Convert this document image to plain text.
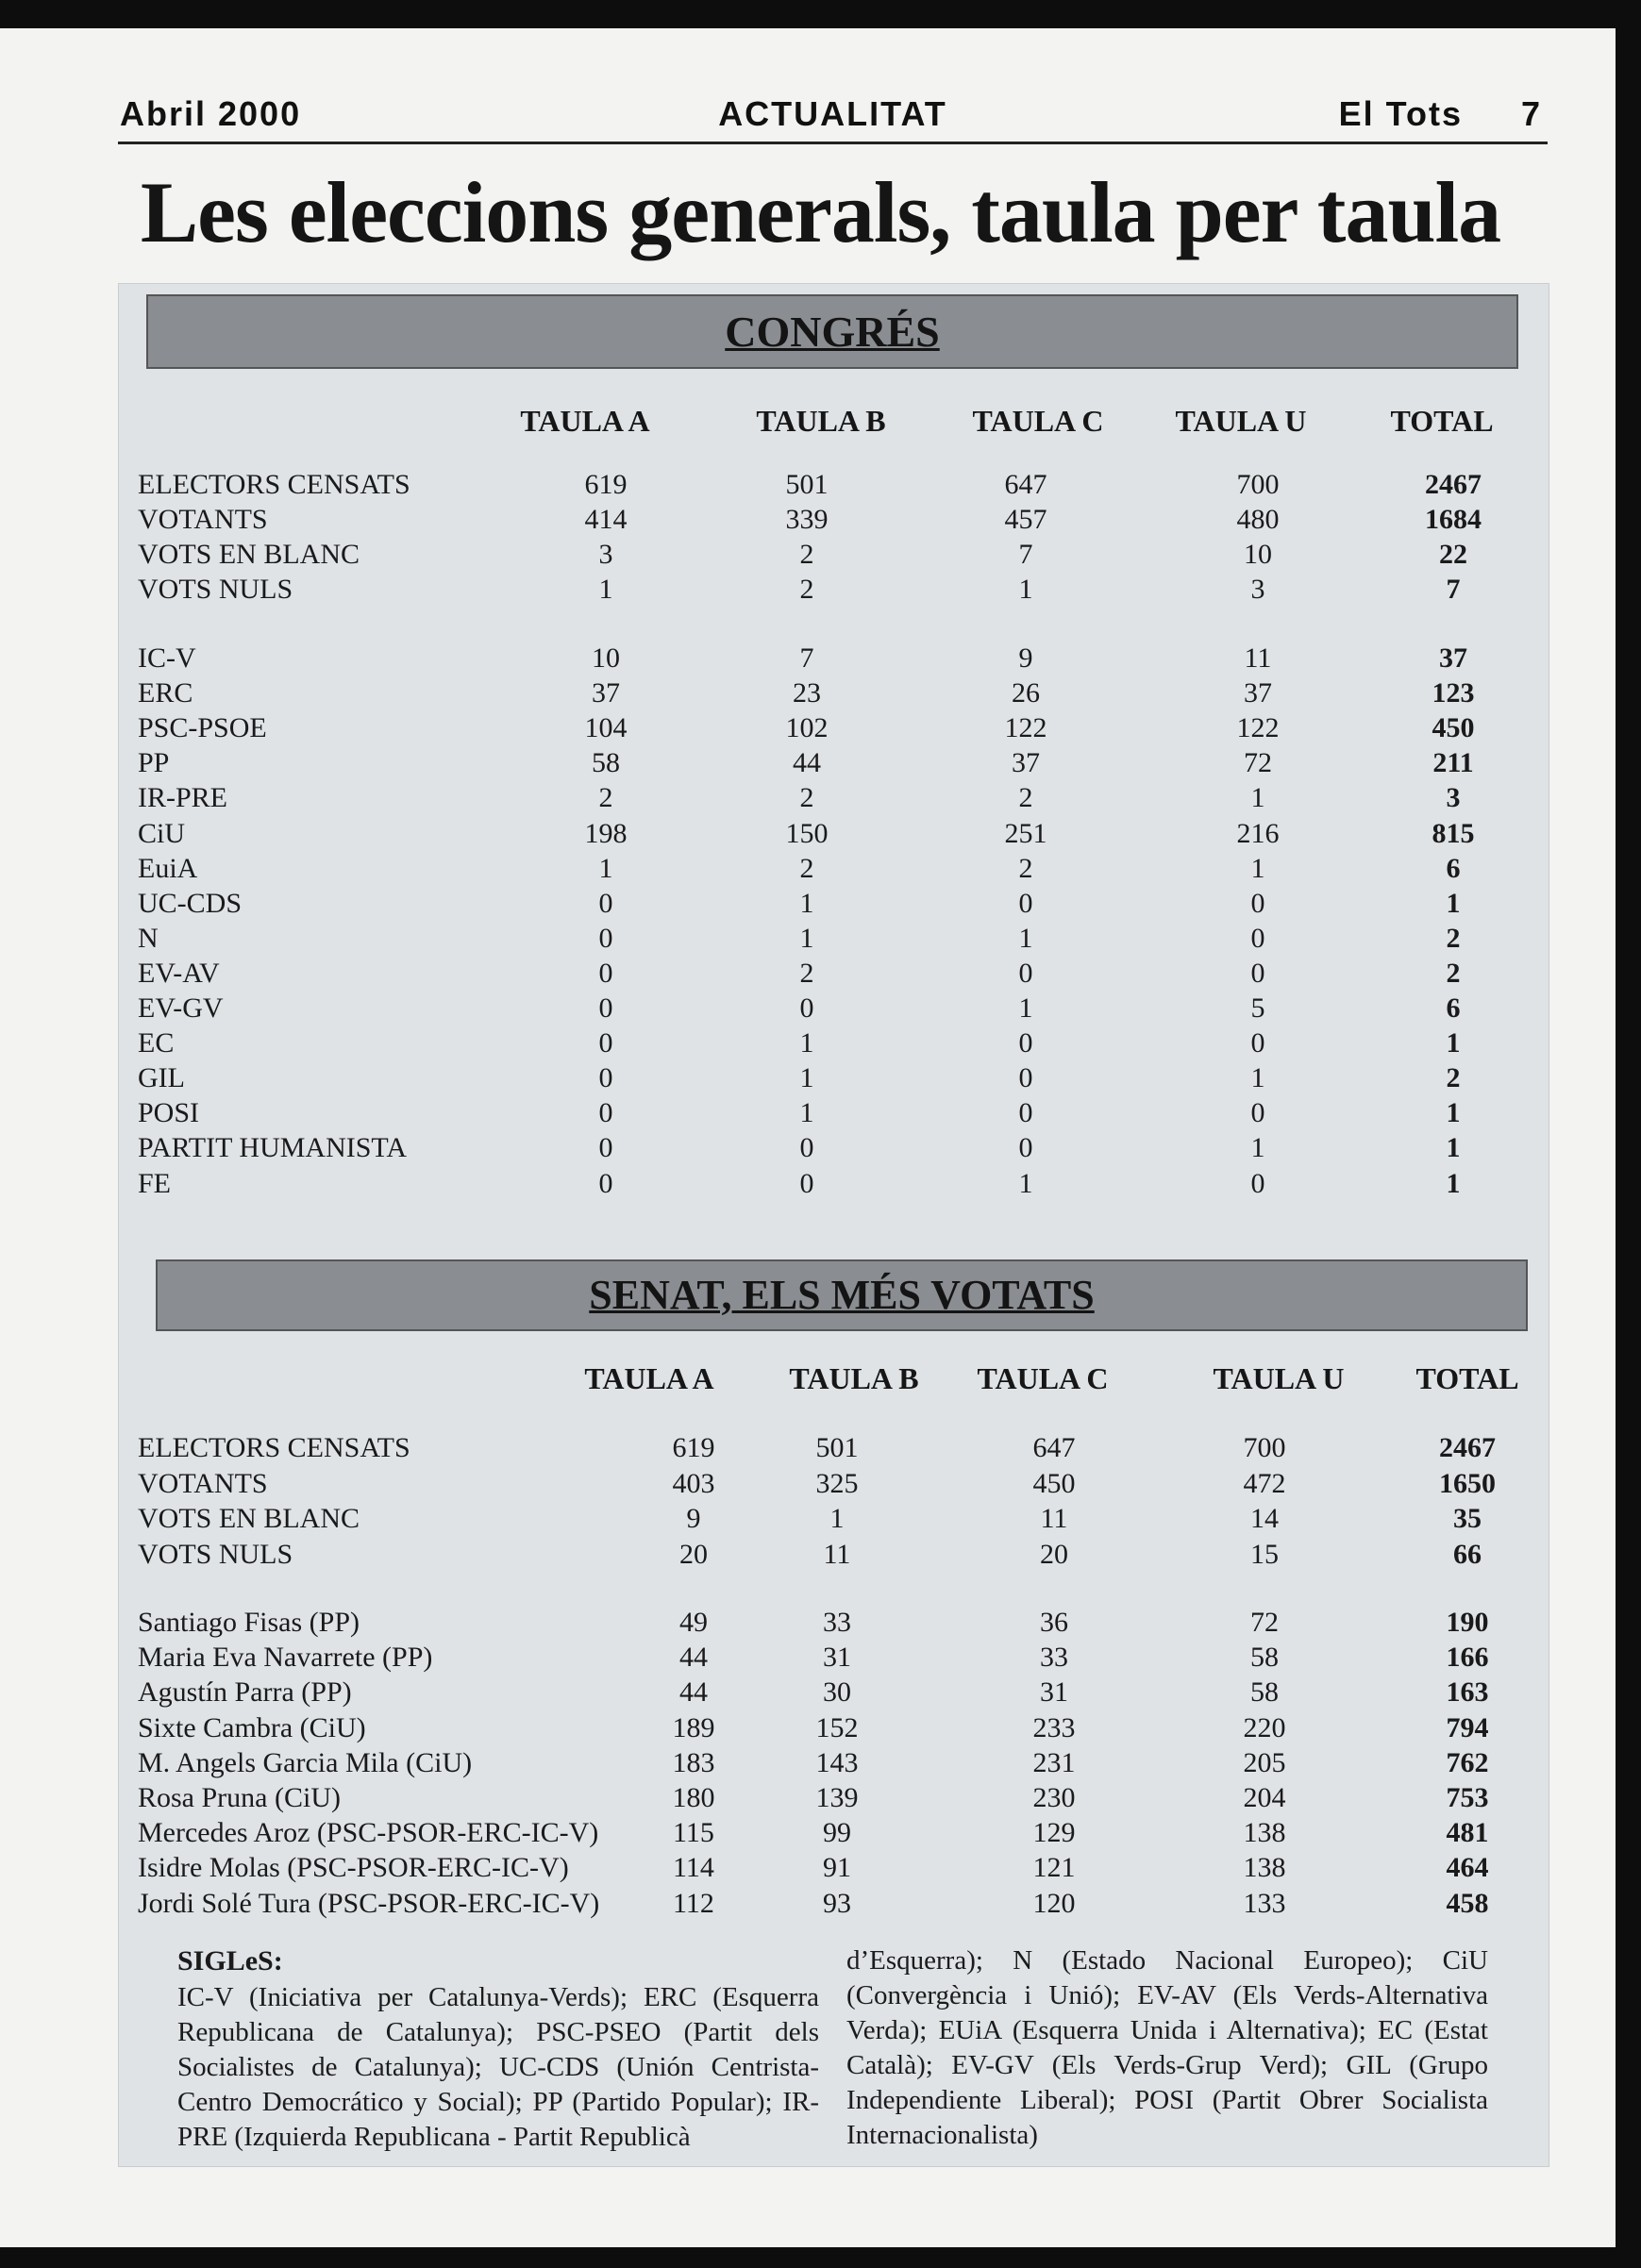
Abril 2000	ACTUALITAT	El Tots 7
Les eleccions generals, taula per taula
CONGRÉS
SENAT, ELS MÉS VOTATS
TAULA A	TAULA B	TAULA C	TAULA U	TOTAL
ELECTORS CENSATS	619	501	647	700	2467
VOTANTS	414	339	457	480	1684
VOTS EN BLANC	3	2	7	10	22
VOTS NULS	1	2	1	3	7
IC-V	10	7	9	11	37
ERC	37	23	26	37	123
PSC-PSOE	104	102	122	122	450
PP	58	44	37	72	211
IR-PRE	2	2	2	1	3
CiU	198	150	251	216	815
EuiA	1	2	2	1	6
UC-CDS	0	1	0	0	1
N	0	1	1	0	2
EV-AV	0	2	0	0	2
EV-GV	0	0	1	5	6
EC	0	1	0	0	1
GIL	0	1	0	1	2
POSI	0	1	0	0	1
PARTIT HUMANISTA	0	0	0	1	1
FE	0	0	1	0	1
TAULA A	TAULA B	TAULA C	TAULA U	TOTAL
ELECTORS CENSATS	619	501	647	700	2467
VOTANTS	403	325	450	472	1650
VOTS EN BLANC	9	1	11	14	35
VOTS NULS	20	11	20	15	66
Santiago Fisas (PP)	49	33	36	72	190
Maria Eva Navarrete (PP)	44	31	33	58	166
Agustín Parra (PP)	44	30	31	58	163
Sixte Cambra (CiU)	189	152	233	220	794
M. Angels Garcia Mila (CiU)	183	143	231	205	762
Rosa Pruna (CiU)	180	139	230	204	753
Mercedes Aroz (PSC-PSOR-ERC-IC-V)	115	99	129	138	481
Isidre Molas (PSC-PSOR-ERC-IC-V)	114	91	121	138	464
Jordi Solé Tura (PSC-PSOR-ERC-IC-V)	112	93	120	133	458
SIGLeS:
IC-V (Iniciativa per Catalunya-Verds); ERC (Esquerra Republicana de Catalunya); PSC-PSEO (Partit dels Socialistes de Catalunya); UC-CDS (Unión Centrista-Centro Democrático y Social); PP (Partido Popular); IR-PRE (Izquierda Republicana - Partit Republicà
d’Esquerra); N (Estado Nacional Europeo); CiU (Convergència i Unió); EV-AV (Els Verds-Alternativa Verda); EUiA (Esquerra Unida i Alternativa); EC (Estat Català); EV-GV (Els Verds-Grup Verd); GIL (Grupo Independiente Liberal); POSI (Partit Obrer Socialista Internacionalista)
